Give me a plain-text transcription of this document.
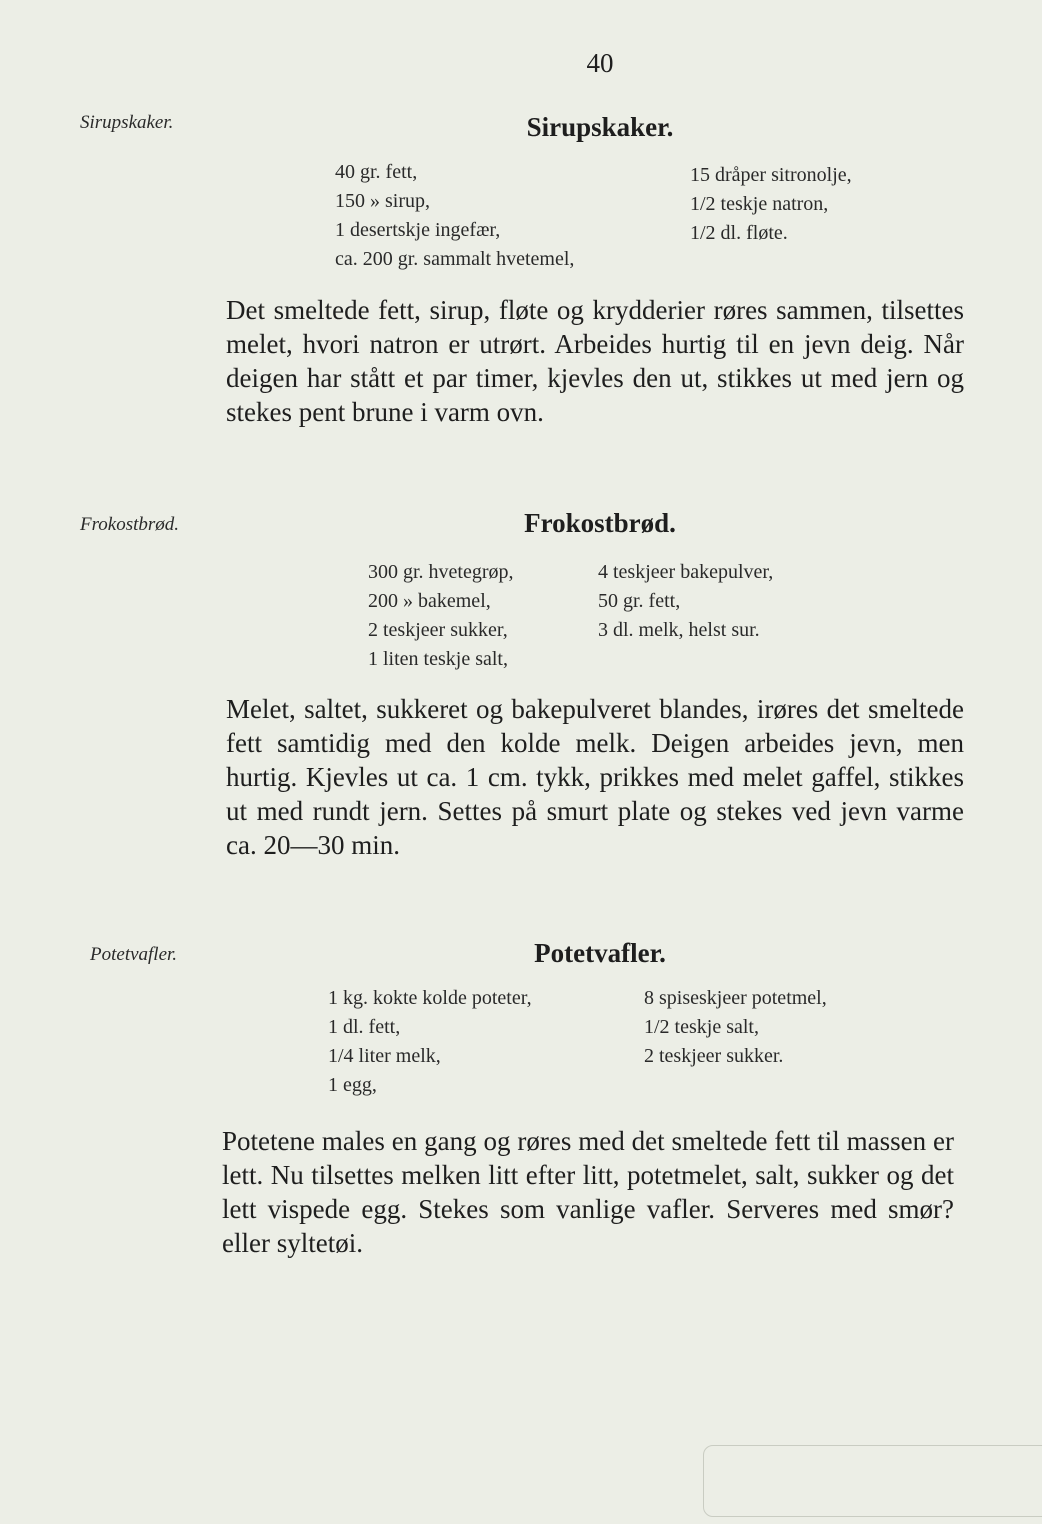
40
Sirupskaker.	Sirupskaker.
40 gr. fett,
150 » sirup,
1 desertskje ingefær,
ca. 200 gr. sammalt hvetemel,
15 dråper sitronolje,
1/2 teskje natron,
1/2 dl. fløte.
Det smeltede fett, sirup, fløte og krydderier røres sammen, tilsettes melet, hvori natron er utrørt. Arbeides hurtig til en jevn deig. Når deigen har stått et par timer, kjevles den ut, stikkes ut med jern og stekes pent brune i varm ovn.
Frokostbrød.	Frokostbrød.
300 gr. hvetegrøp,
200 » bakemel,
2 teskjeer sukker,
1 liten teskje salt,
4 teskjeer bakepulver,
50 gr. fett,
3 dl. melk, helst sur.
Melet, saltet, sukkeret og bakepulveret blandes, irøres det smeltede fett samtidig med den kolde melk. Deigen arbeides jevn, men hurtig. Kjevles ut ca. 1 cm. tykk, prikkes med melet gaffel, stikkes ut med rundt jern. Settes på smurt plate og stekes ved jevn varme ca. 20—30 min.
Potetvafler.	Potetvafler.
1 kg. kokte kolde poteter,
1 dl. fett,
1/4 liter melk,
1 egg,
8 spiseskjeer potetmel,
1/2 teskje salt,
2 teskjeer sukker.
Potetene males en gang og røres med det smeltede fett til massen er lett. Nu tilsettes melken litt efter litt, potetmelet, salt, sukker og det lett vispede egg. Stekes som vanlige vafler. Serveres med smør? eller syltetøi.
